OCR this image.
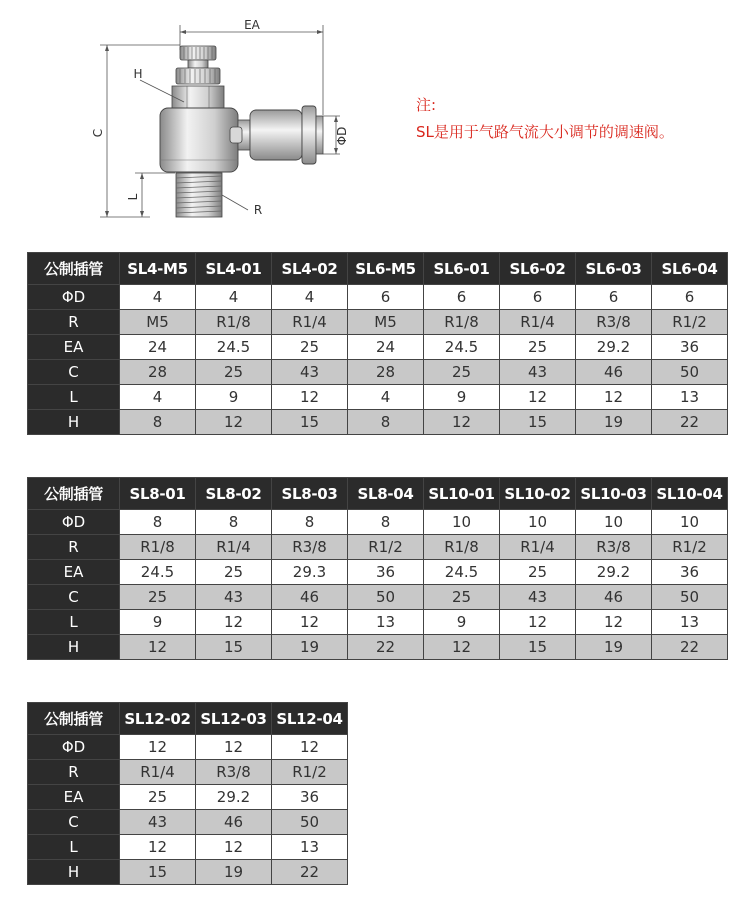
EA
C
L
H
ΦD
R
注:
SL是用于气路气流大小调节的调速阀。
公制插管	SL4-M5	SL4-01	SL4-02	SL6-M5	SL6-01	SL6-02	SL6-03	SL6-04
ΦD	4	4	4	6	6	6	6	6
R	M5	R1/8	R1/4	M5	R1/8	R1/4	R3/8	R1/2
EA	24	24.5	25	24	24.5	25	29.2	36
C	28	25	43	28	25	43	46	50
L	4	9	12	4	9	12	12	13
H	8	12	15	8	12	15	19	22
公制插管	SL8-01	SL8-02	SL8-03	SL8-04	SL10-01	SL10-02	SL10-03	SL10-04
ΦD	8	8	8	8	10	10	10	10
R	R1/8	R1/4	R3/8	R1/2	R1/8	R1/4	R3/8	R1/2
EA	24.5	25	29.3	36	24.5	25	29.2	36
C	25	43	46	50	25	43	46	50
L	9	12	12	13	9	12	12	13
H	12	15	19	22	12	15	19	22
公制插管	SL12-02	SL12-03	SL12-04
ΦD	12	12	12
R	R1/4	R3/8	R1/2
EA	25	29.2	36
C	43	46	50
L	12	12	13
H	15	19	22
